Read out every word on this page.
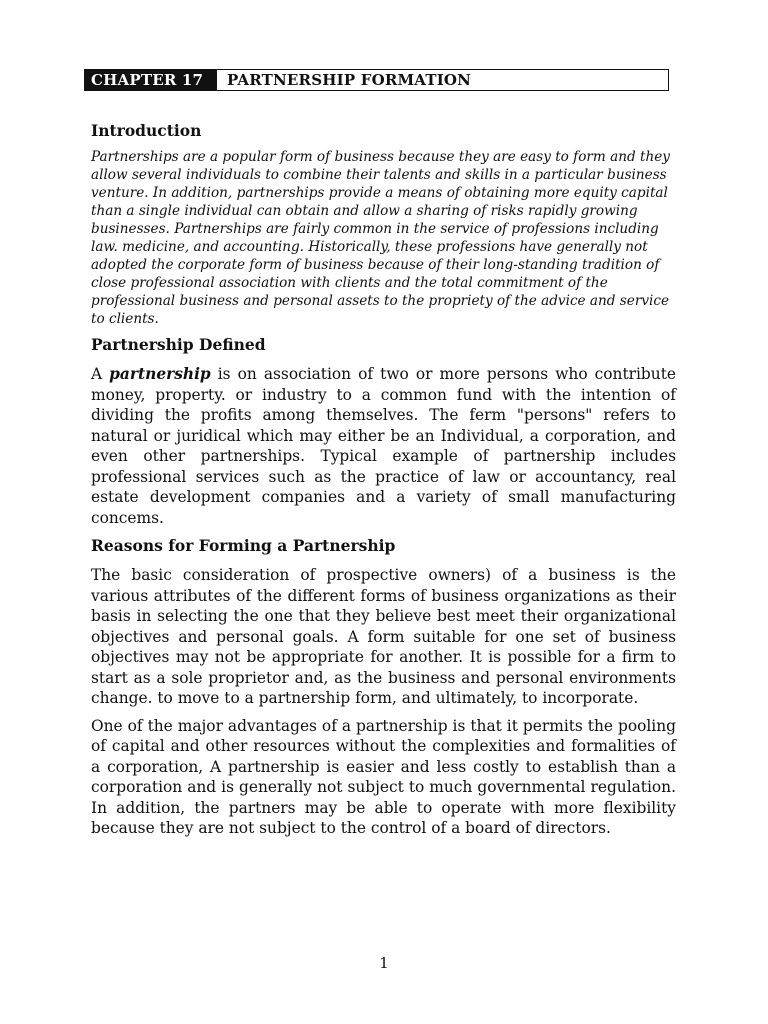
CHAPTER 17	PARTNERSHIP FORMATION
Introduction

Partnerships are a popular form of business because they are easy to form and they allow several individuals to combine their talents and skills in a particular business venture. In addition, partnerships provide a means of obtaining more equity capital than a single individual can obtain and allow a sharing of risks rapidly growing businesses. Partnerships are fairly common in the service of professions including law. medicine, and accounting. Historically, these professions have generally not adopted the corporate form of business because of their long-standing tradition of close professional association with clients and the total commitment of the professional business and personal assets to the propriety of the advice and service to clients.

Partnership Defined

A partnership is on association of two or more persons who contribute money, property. or industry to a common fund with the intention of dividing the profits among themselves. The ferm "persons" refers to natural or juridical which may either be an Individual, a corporation, and even other partnerships. Typical example of partnership includes professional services such as the practice of law or accountancy, real estate development companies and a variety of small manufacturing concems.

Reasons for Forming a Partnership

The basic consideration of prospective owners) of a business is the various attributes of the different forms of business organizations as their basis in selecting the one that they believe best meet their organizational objectives and personal goals. A form suitable for one set of business objectives may not be appropriate for another. It is possible for a firm to start as a sole proprietor and, as the business and personal environments change. to move to a partnership form, and ultimately, to incorporate.

One of the major advantages of a partnership is that it permits the pooling of capital and other resources without the complexities and formalities of a corporation, A partnership is easier and less costly to establish than a corporation and is generally not subject to much governmental regulation. In addition, the partners may be able to operate with more flexibility because they are not subject to the control of a board of directors.

1
